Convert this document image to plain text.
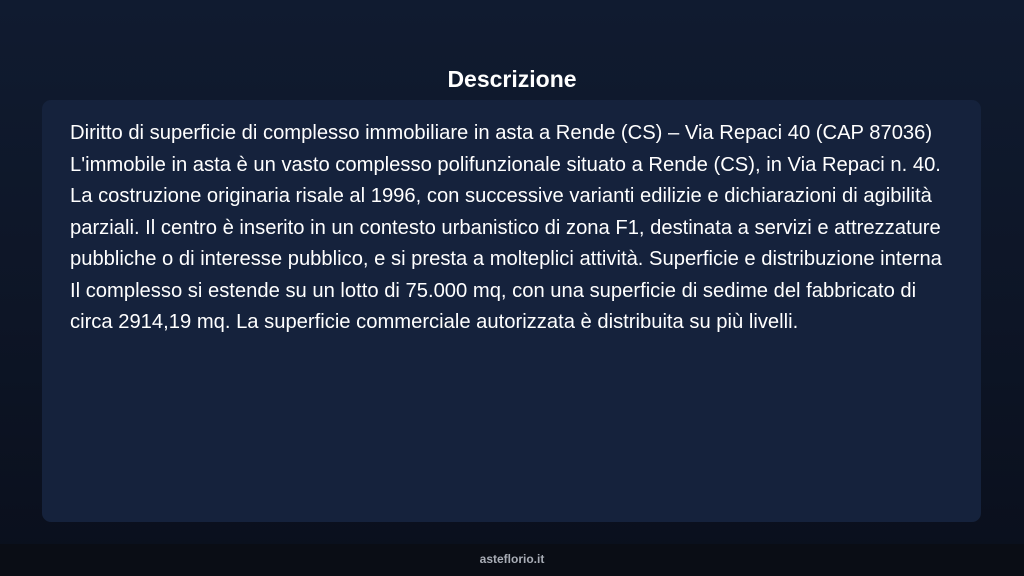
Descrizione

Diritto di superficie di complesso immobiliare in asta a Rende (CS) – Via Repaci 40 (CAP 87036) L'immobile in asta è un vasto complesso polifunzionale situato a Rende (CS), in Via Repaci n. 40. La costruzione originaria risale al 1996, con successive varianti edilizie e dichiarazioni di agibilità parziali. Il centro è inserito in un contesto urbanistico di zona F1, destinata a servizi e attrezzature pubbliche o di interesse pubblico, e si presta a molteplici attività. Superficie e distribuzione interna Il complesso si estende su un lotto di 75.000 mq, con una superficie di sedime del fabbricato di circa 2914,19 mq. La superficie commerciale autorizzata è distribuita su più livelli.

asteflorio.it
